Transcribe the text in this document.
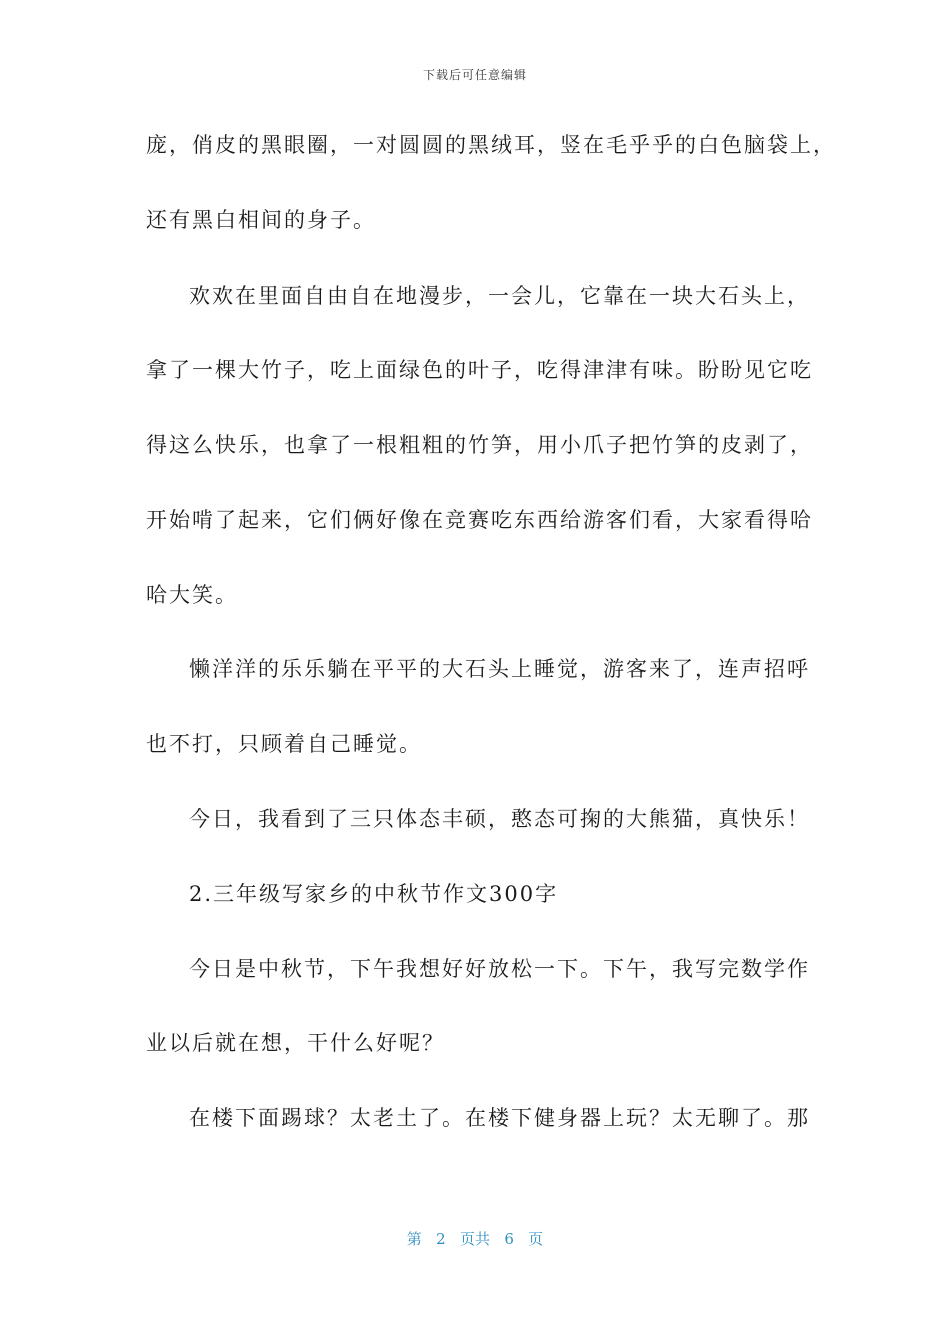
下载后可任意编辑
庞，俏皮的黑眼圈，一对圆圆的黑绒耳，竖在毛乎乎的白色脑袋上，
还有黑白相间的身子。
欢欢在里面自由自在地漫步，一会儿，它靠在一块大石头上，
拿了一棵大竹子，吃上面绿色的叶子，吃得津津有味。盼盼见它吃
得这么快乐，也拿了一根粗粗的竹笋，用小爪子把竹笋的皮剥了，
开始啃了起来，它们俩好像在竞赛吃东西给游客们看，大家看得哈
哈大笑。
懒洋洋的乐乐躺在平平的大石头上睡觉，游客来了，连声招呼
也不打，只顾着自己睡觉。
今日，我看到了三只体态丰硕，憨态可掬的大熊猫，真快乐！
2.三年级写家乡的中秋节作文300字
今日是中秋节，下午我想好好放松一下。下午，我写完数学作
业以后就在想，干什么好呢？
在楼下面踢球？太老土了。在楼下健身器上玩？太无聊了。那
第 2 页共 6 页
